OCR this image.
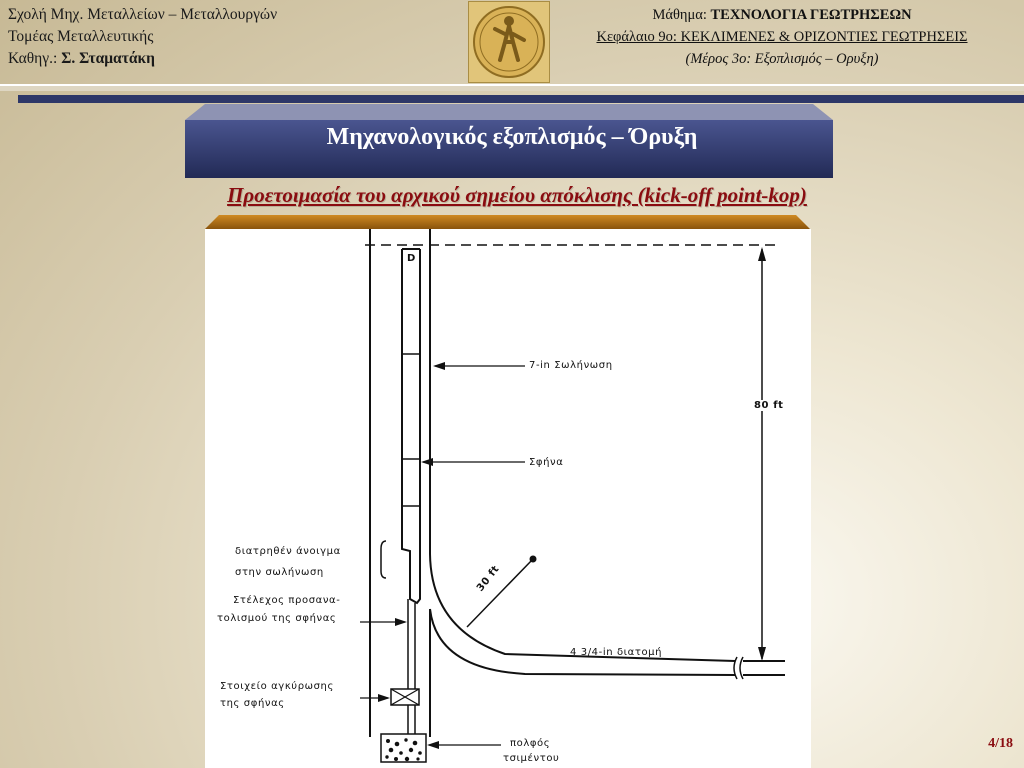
Σχολή Μηχ. Μεταλλείων – Μεταλλουργών
Τομέας Μεταλλευτικής
Καθηγ.: Σ. Σταματάκη
Μάθημα: ΤΕΧΝΟΛΟΓΙΑ ΓΕΩΤΡΗΣΕΩΝ
Κεφάλαιο 9ο: ΚΕΚΛΙΜΕΝΕΣ & ΟΡΙΖΟΝΤΙΕΣ ΓΕΩΤΡΗΣΕΙΣ
(Μέρος 3ο: Εξοπλισμός – Ορυξη)
Μηχανολογικός εξοπλισμός – Όρυξη
Προετοιμασία του αρχικού σημείου απόκλισης (kick-off point-kop)
D
7-in Σωλήνωση
80 ft
Σφήνα
διατρηθέν άνοιγμα
στην σωλήνωση	30 ft
Στέλεχος προσανα-
τολισμού της σφήνας
4 3/4-in διατομή
Στοιχείο αγκύρωσης
της σφήνας
πολφός
τσιμέντου
4/18
